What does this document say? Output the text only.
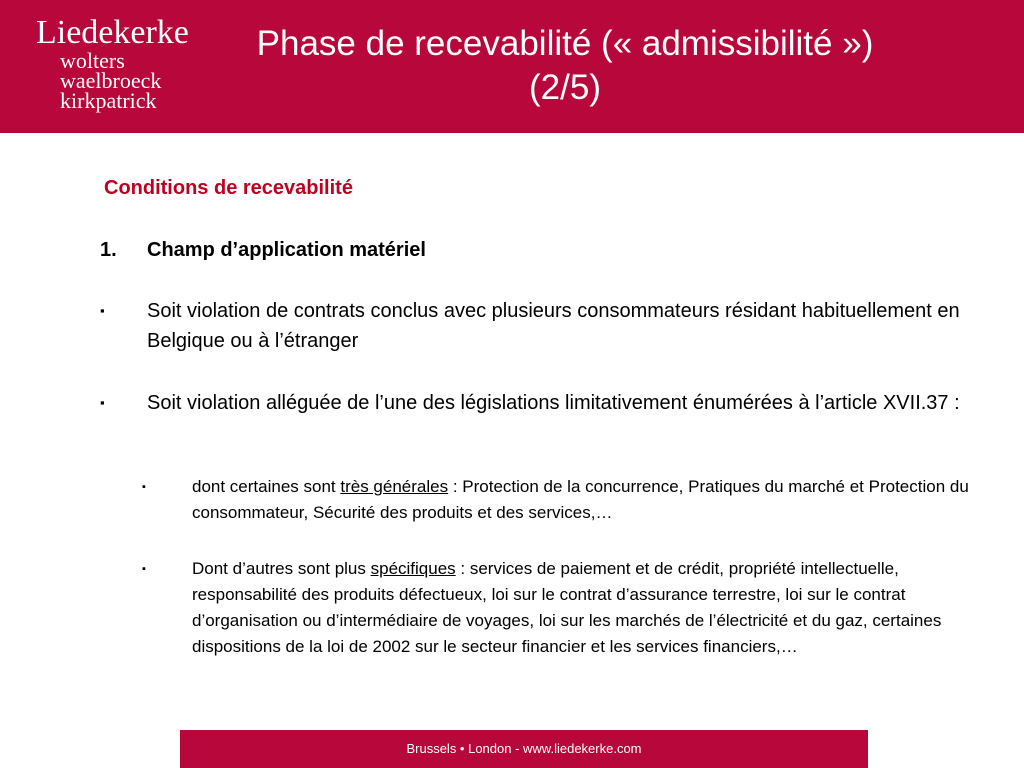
Liedekerke
wolters
waelbroeck
kirkpatrick
Phase de recevabilité (« admissibilité »)
(2/5)
Conditions de recevabilité
1.	Champ d’application matériel
▪	Soit violation de contrats conclus avec plusieurs consommateurs résidant habituellement en Belgique ou à l’étranger
▪	Soit violation alléguée de l’une des législations limitativement énumérées à l’article XVII.37 :
▪	dont certaines sont très générales : Protection de la concurrence, Pratiques du marché et Protection du consommateur, Sécurité des produits et des services,…
▪	Dont d’autres sont plus spécifiques : services de paiement et de crédit, propriété intellectuelle, responsabilité des produits défectueux, loi sur le contrat d’assurance terrestre, loi sur le contrat d’organisation ou d’intermédiaire de voyages, loi sur les marchés de l’électricité et du gaz, certaines dispositions de la loi de 2002 sur le secteur financier et les services financiers,…
Brussels • London - www.liedekerke.com
